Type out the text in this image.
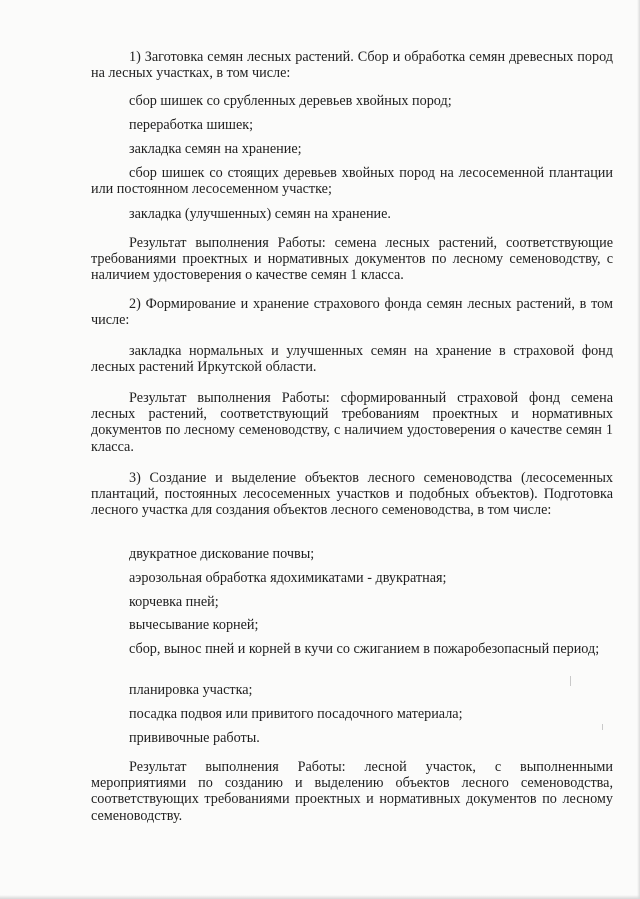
1) Заготовка семян лесных растений. Сбор и обработка семян древесных пород на лесных участках, в том числе:

сбор шишек со срубленных деревьев хвойных пород;

переработка шишек;

закладка семян на хранение;

сбор шишек со стоящих деревьев хвойных пород на лесосеменной плантации или постоянном лесосеменном участке;

закладка (улучшенных) семян на хранение.

Результат выполнения Работы: семена лесных растений, соответствующие требованиями проектных и нормативных документов по лесному семеноводству, с наличием удостоверения о качестве семян 1 класса.

2) Формирование и хранение страхового фонда семян лесных растений, в том числе:

закладка нормальных и улучшенных семян на хранение в страховой фонд лесных растений Иркутской области.

Результат выполнения Работы: сформированный страховой фонд семена лесных растений, соответствующий требованиям проектных и нормативных документов по лесному семеноводству, с наличием удостоверения о качестве семян 1 класса.

3) Создание и выделение объектов лесного семеноводства (лесосеменных плантаций, постоянных лесосеменных участков и подобных объектов). Подготовка лесного участка для создания объектов лесного семеноводства, в том числе:

двукратное дискование почвы;

аэрозольная обработка ядохимикатами - двукратная;

корчевка пней;

вычесывание корней;

сбор, вынос пней и корней в кучи со сжиганием в пожаробезопасный период;

планировка участка;

посадка подвоя или привитого посадочного материала;

прививочные работы.

Результат выполнения Работы: лесной участок, с выполненными мероприятиями по созданию и выделению объектов лесного семеноводства, соответствующих требованиями проектных и нормативных документов по лесному семеноводству.
